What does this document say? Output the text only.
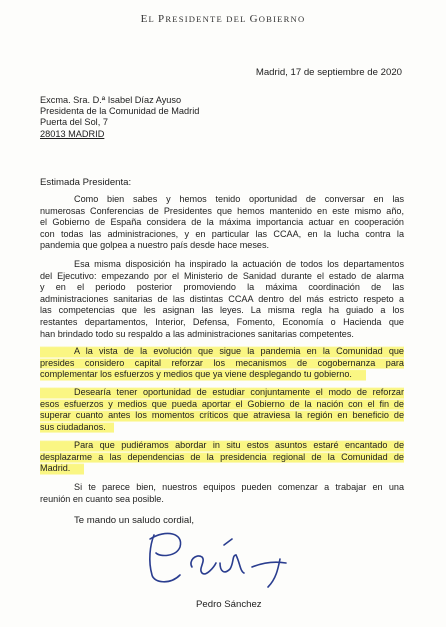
EL PRESIDENTE DEL GOBIERNO
Madrid, 17 de septiembre de 2020
Excma. Sra. D.ª Isabel Díaz Ayuso
Presidenta de la Comunidad de Madrid
Puerta del Sol, 7
28013 MADRID
Estimada Presidenta:
Como bien sabes y hemos tenido oportunidad de conversar en las
numerosas Conferencias de Presidentes que hemos mantenido en este mismo año,
el Gobierno de España considera de la máxima importancia actuar en cooperación
con todas las administraciones, y en particular las CCAA, en la lucha contra la
pandemia que golpea a nuestro país desde hace meses.
Esa misma disposición ha inspirado la actuación de todos los departamentos
del Ejecutivo: empezando por el Ministerio de Sanidad durante el estado de alarma
y en el periodo posterior promoviendo la máxima coordinación de las
administraciones sanitarias de las distintas CCAA dentro del más estricto respeto a
las competencias que les asignan las leyes. La misma regla ha guiado a los
restantes departamentos, Interior, Defensa, Fomento, Economía o Hacienda que
han brindado todo su respaldo a las administraciones sanitarias competentes.
A la vista de la evolución que sigue la pandemia en la Comunidad que
presides considero capital reforzar los mecanismos de cogobernanza para
complementar los esfuerzos y medios que ya viene desplegando tu gobierno.
Desearía tener oportunidad de estudiar conjuntamente el modo de reforzar
esos esfuerzos y medios que pueda aportar el Gobierno de la nación con el fin de
superar cuanto antes los momentos críticos que atraviesa la región en beneficio de
sus ciudadanos.
Para que pudiéramos abordar in situ estos asuntos estaré encantado de
desplazarme a las dependencias de la presidencia regional de la Comunidad de
Madrid.
Si te parece bien, nuestros equipos pueden comenzar a trabajar en una
reunión en cuanto sea posible.
Te mando un saludo cordial,
Pedro Sánchez
